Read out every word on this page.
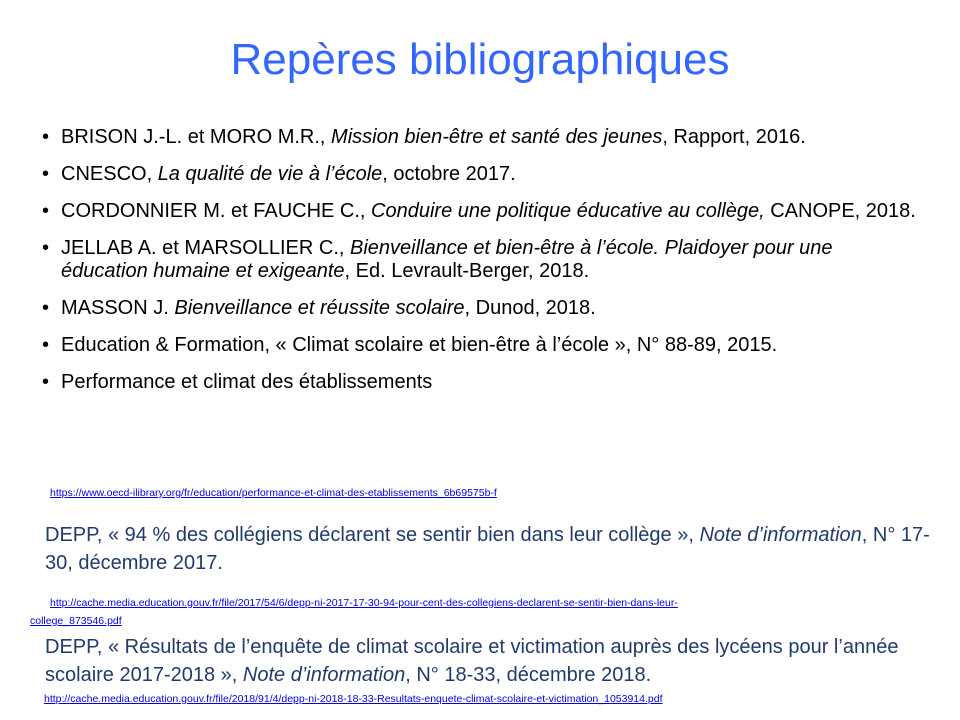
Repères bibliographiques
• BRISON J.-L. et MORO M.R., Mission bien-être et santé des jeunes, Rapport, 2016.
• CNESCO, La qualité de vie à l’école, octobre 2017.
• CORDONNIER M. et FAUCHE C., Conduire une politique éducative au collège, CANOPE, 2018.
• JELLAB A. et MARSOLLIER C., Bienveillance et bien-être à l’école. Plaidoyer pour une éducation humaine et exigeante, Ed. Levrault-Berger, 2018.
• MASSON J. Bienveillance et réussite scolaire, Dunod, 2018.
• Education & Formation, « Climat scolaire et bien-être à l’école », N° 88-89, 2015.
• Performance et climat des établissements
https://www.oecd-ilibrary.org/fr/education/performance-et-climat-des-etablissements_6b69575b-f
DEPP, « 94 % des collégiens déclarent se sentir bien dans leur collège », Note d’information, N° 17-30, décembre 2017.
http://cache.media.education.gouv.fr/file/2017/54/6/depp-ni-2017-17-30-94-pour-cent-des-collegiens-declarent-se-sentir-bien-dans-leur-
college_873546.pdf
DEPP, « Résultats de l’enquête de climat scolaire et victimation auprès des lycéens pour l’année scolaire 2017-2018 », Note d’information, N° 18-33, décembre 2018.
http://cache.media.education.gouv.fr/file/2018/91/4/depp-ni-2018-18-33-Resultats-enquete-climat-scolaire-et-victimation_1053914.pdf
